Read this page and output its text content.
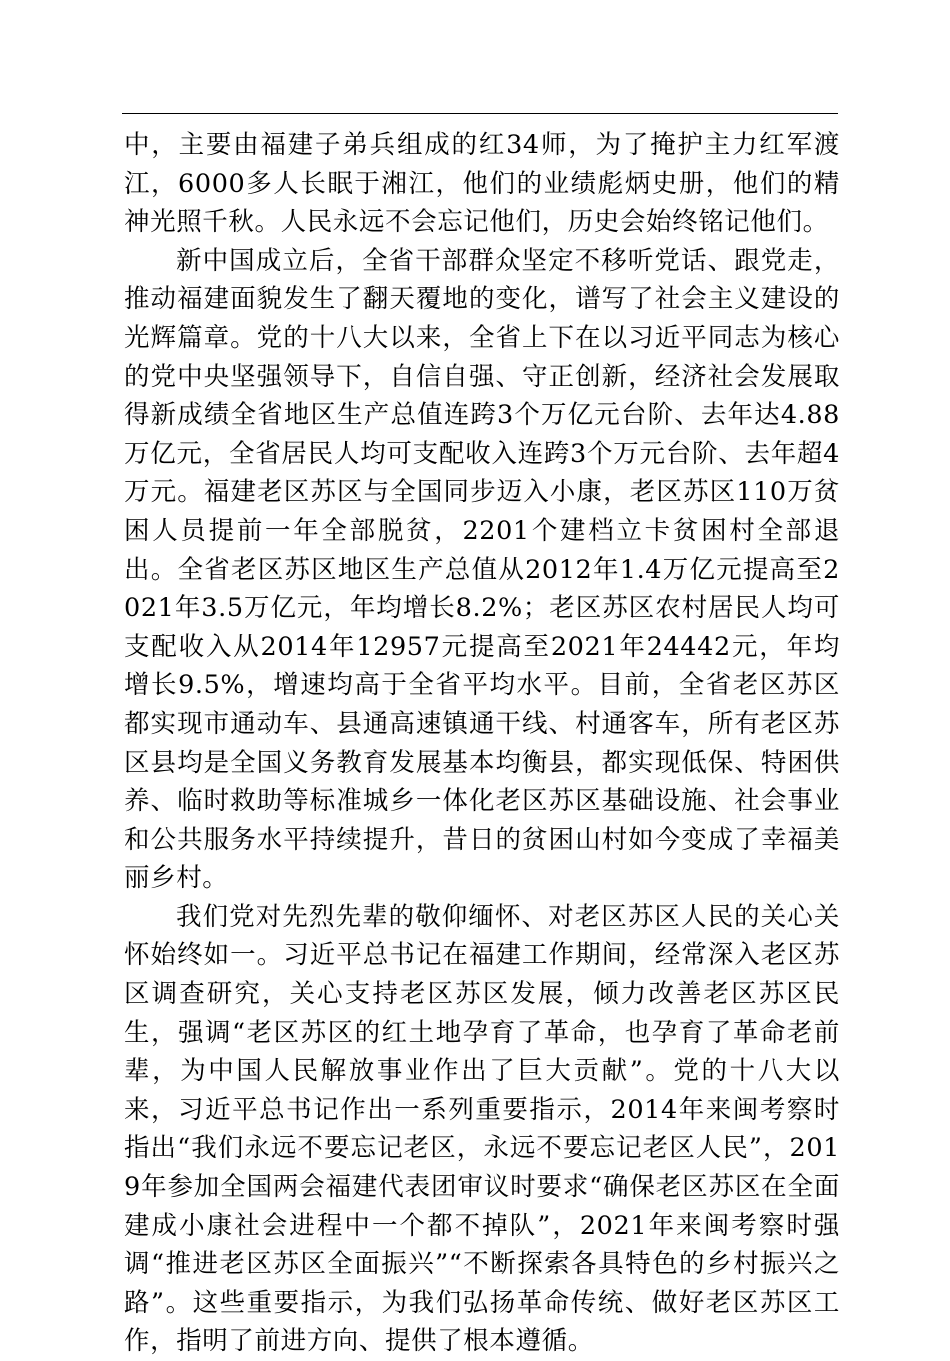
中，主要由福建子弟兵组成的红34师，为了掩护主力红军渡江，6000多人长眠于湘江，他们的业绩彪炳史册，他们的精神光照千秋。人民永远不会忘记他们，历史会始终铭记他们。

新中国成立后，全省干部群众坚定不移听党话、跟党走，推动福建面貌发生了翻天覆地的变化，谱写了社会主义建设的光辉篇章。党的十八大以来，全省上下在以习近平同志为核心的党中央坚强领导下，自信自强、守正创新，经济社会发展取得新成绩全省地区生产总值连跨3个万亿元台阶、去年达4.88万亿元，全省居民人均可支配收入连跨3个万元台阶、去年超4万元。福建老区苏区与全国同步迈入小康，老区苏区110万贫困人员提前一年全部脱贫，2201个建档立卡贫困村全部退出。全省老区苏区地区生产总值从2012年1.4万亿元提高至2021年3.5万亿元，年均增长8.2%；老区苏区农村居民人均可支配收入从2014年12957元提高至2021年24442元，年均增长9.5%，增速均高于全省平均水平。目前，全省老区苏区都实现市通动车、县通高速镇通干线、村通客车，所有老区苏区县均是全国义务教育发展基本均衡县，都实现低保、特困供养、临时救助等标准城乡一体化老区苏区基础设施、社会事业和公共服务水平持续提升，昔日的贫困山村如今变成了幸福美丽乡村。

我们党对先烈先辈的敬仰缅怀、对老区苏区人民的关心关怀始终如一。习近平总书记在福建工作期间，经常深入老区苏区调查研究，关心支持老区苏区发展，倾力改善老区苏区民生，强调“老区苏区的红土地孕育了革命，也孕育了革命老前辈，为中国人民解放事业作出了巨大贡献”。党的十八大以来，习近平总书记作出一系列重要指示，2014年来闽考察时指出“我们永远不要忘记老区，永远不要忘记老区人民”，2019年参加全国两会福建代表团审议时要求“确保老区苏区在全面建成小康社会进程中一个都不掉队”，2021年来闽考察时强调“推进老区苏区全面振兴”“不断探索各具特色的乡村振兴之路”。这些重要指示，为我们弘扬革命传统、做好老区苏区工作，指明了前进方向、提供了根本遵循。
